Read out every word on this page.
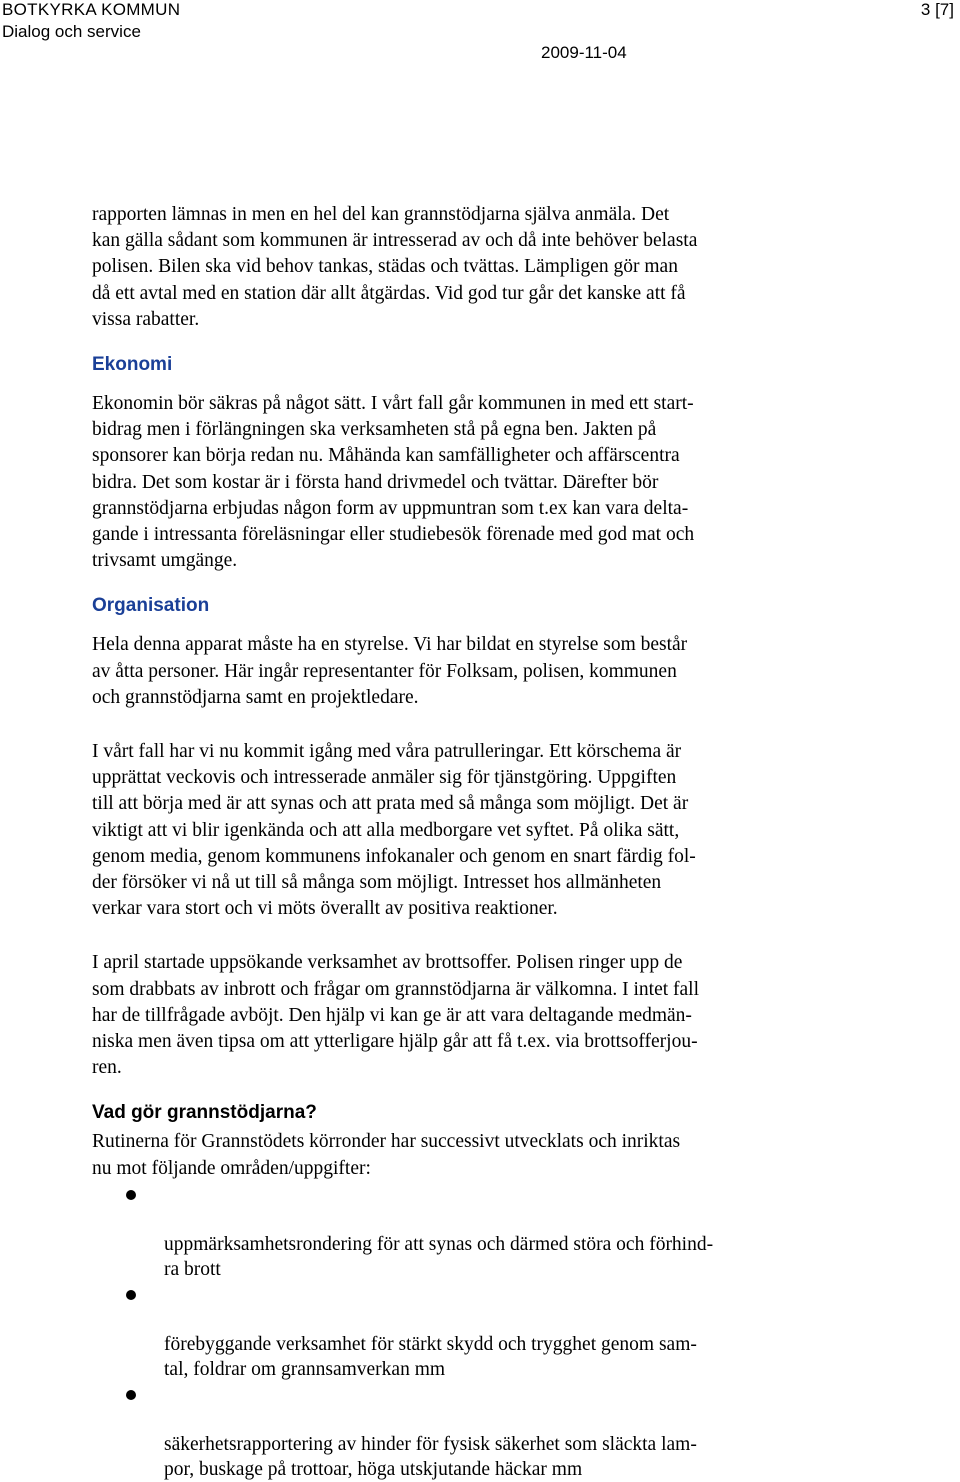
BOTKYRKA KOMMUN
Dialog och service
2009-11-04
3 [7]

rapporten lämnas in men en hel del kan grannstödjarna själva anmäla. Det
kan gälla sådant som kommunen är intresserad av och då inte behöver belasta
polisen. Bilen ska vid behov tankas, städas och tvättas. Lämpligen gör man
då ett avtal med en station där allt åtgärdas. Vid god tur går det kanske att få
vissa rabatter.

Ekonomi

Ekonomin bör säkras på något sätt. I vårt fall går kommunen in med ett start-
bidrag men i förlängningen ska verksamheten stå på egna ben. Jakten på
sponsorer kan börja redan nu. Måhända kan samfälligheter och affärscentra
bidra. Det som kostar är i första hand drivmedel och tvättar. Därefter bör
grannstödjarna erbjudas någon form av uppmuntran som t.ex kan vara delta-
gande i intressanta föreläsningar eller studiebesök förenade med god mat och
trivsamt umgänge.

Organisation

Hela denna apparat måste ha en styrelse. Vi har bildat en styrelse som består
av åtta personer. Här ingår representanter för Folksam, polisen, kommunen
och grannstödjarna samt en projektledare.

I vårt fall har vi nu kommit igång med våra patrulleringar. Ett körschema är
upprättat veckovis och intresserade anmäler sig för tjänstgöring. Uppgiften
till att börja med är att synas och att prata med så många som möjligt. Det är
viktigt att vi blir igenkända och att alla medborgare vet syftet. På olika sätt,
genom media, genom kommunens infokanaler och genom en snart färdig fol-
der försöker vi nå ut till så många som möjligt. Intresset hos allmänheten
verkar vara stort och vi möts överallt av positiva reaktioner.

I april startade uppsökande verksamhet av brottsoffer. Polisen ringer upp de
som drabbats av inbrott och frågar om grannstödjarna är välkomna. I intet fall
har de tillfrågade avböjt. Den hjälp vi kan ge är att vara deltagande medmän-
niska men även tipsa om att ytterligare hjälp går att få t.ex. via brottsofferjou-
ren.

Vad gör grannstödjarna?

Rutinerna för Grannstödets körronder har successivt utvecklats och inriktas
nu mot följande områden/uppgifter:

uppmärksamhetsrondering för att synas och därmed störa och förhind-
ra brott

förebyggande verksamhet för stärkt skydd och trygghet genom sam-
tal, foldrar om grannsamverkan mm

säkerhetsrapportering av hinder för fysisk säkerhet som släckta lam-
por, buskage på trottoar, höga utskjutande häckar mm
